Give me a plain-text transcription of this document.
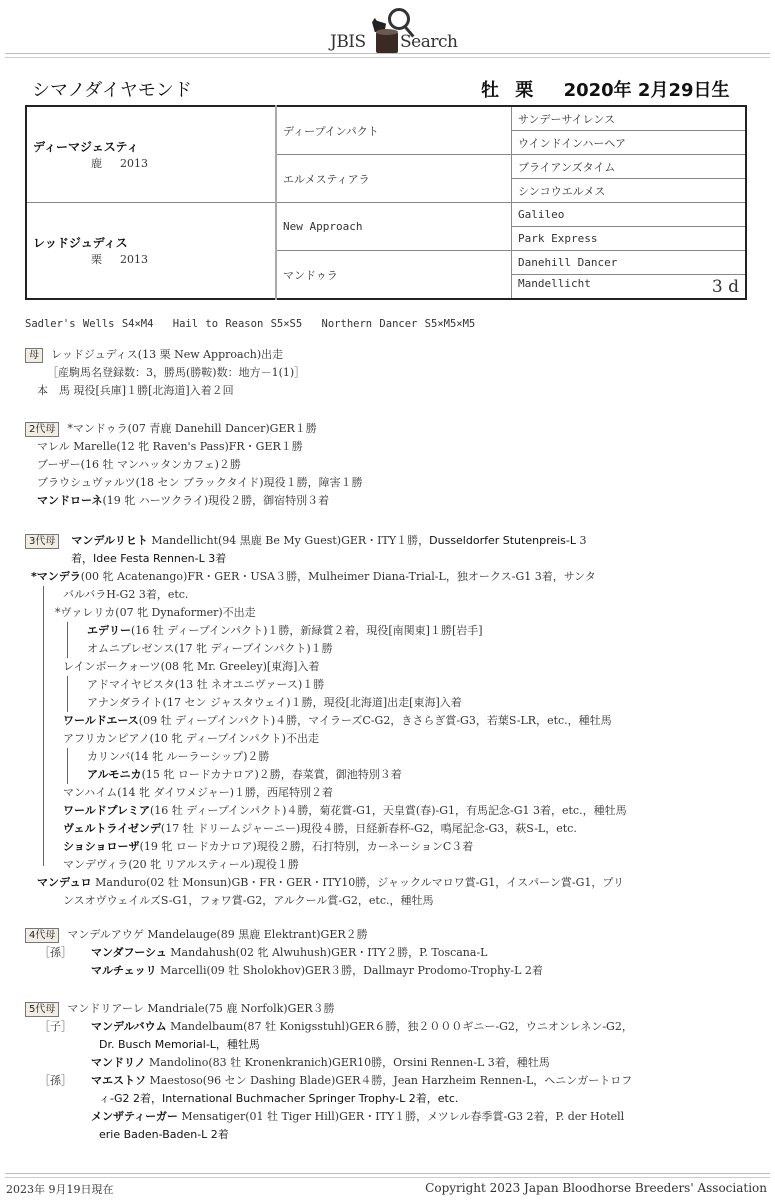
JBIS Search
シマノダイヤモンド	牡 栗 2020年 2月29日生
ディーマジェスティ
鹿 2013	ディープインパクト	サンデーサイレンス
		ウインドインハーヘア
	エルメスティアラ	ブライアンズタイム
		シンコウエルメス

レッドジュディス
栗 2013	New Approach	Galileo
		Park Express
	マンドゥラ	Danehill Dancer
		Mandellicht 3 d
Sadler's Wells S4×M4 Hail to Reason S5×S5 Northern Dancer S5×M5×M5
母 レッドジュディス(13 栗 New Approach)出走
［産駒馬名登録数：3，勝馬(勝鞍)数：地方－1(1)］
本　馬 現役[兵庫]１勝[北海道]入着２回
2代母 *マンドゥラ(07 青鹿 Danehill Dancer)GER１勝
マレル Marelle(12 牝 Raven's Pass)FR・GER１勝
ブーザー(16 牡 マンハッタンカフェ)２勝
ブラウシュヴァルツ(18 セン ブラックタイド)現役１勝，障害１勝
マンドローネ(19 牝 ハーツクライ)現役２勝，御宿特別３着
3代母 マンデルリヒト Mandellicht(94 黒鹿 Be My Guest)GER・ITY１勝，Dusseldorfer Stutenpreis-L 3
着，Idee Festa Rennen-L 3着
*マンデラ(00 牝 Acatenango)FR・GER・USA３勝，Mulheimer Diana-Trial-L，独オークス-G1 3着，サンタ
バルバラH-G2 3着，etc.
*ヴァレリカ(07 牝 Dynaformer)不出走
エデリー(16 牡 ディープインパクト)１勝，新緑賞２着，現役[南関東]１勝[岩手]
オムニプレゼンス(17 牝 ディープインパクト)１勝
レインボークォーツ(08 牝 Mr. Greeley)[東海]入着
アドマイヤビスタ(13 牡 ネオユニヴァース)１勝
アナンダライト(17 セン ジャスタウェイ)１勝，現役[北海道]出走[東海]入着
ワールドエース(09 牡 ディープインパクト)４勝，マイラーズC-G2，きさらぎ賞-G3，若葉S-LR，etc.，種牡馬
アフリカンピアノ(10 牝 ディープインパクト)不出走
カリンバ(14 牝 ルーラーシップ)２勝
アルモニカ(15 牝 ロードカナロア)２勝，春菜賞，御池特別３着
マンハイム(14 牝 ダイワメジャー)１勝，西尾特別２着
ワールドプレミア(16 牡 ディープインパクト)４勝，菊花賞-G1，天皇賞(春)-G1，有馬記念-G1 3着，etc.，種牡馬
ヴェルトライゼンデ(17 牡 ドリームジャーニー)現役４勝，日経新春杯-G2，鳴尾記念-G3，萩S-L，etc.
ショショローザ(19 牝 ロードカナロア)現役２勝，石打特別，カーネーションC３着
マンデヴィラ(20 牝 リアルスティール)現役１勝
マンデュロ Manduro(02 牡 Monsun)GB・FR・GER・ITY10勝，ジャックルマロワ賞-G1，イスパーン賞-G1，プリ
ンスオヴウェイルズS-G1，フォワ賞-G2，アルクール賞-G2，etc.，種牡馬
4代母 マンデルアウゲ Mandelauge(89 黒鹿 Elektrant)GER２勝
［孫］ マンダフーシュ Mandahush(02 牝 Alwuhush)GER・ITY２勝，P. Toscana-L
マルチェッリ Marcelli(09 牡 Sholokhov)GER３勝，Dallmayr Prodomo-Trophy-L 2着
5代母 マンドリアーレ Mandriale(75 鹿 Norfolk)GER３勝
［子］ マンデルバウム Mandelbaum(87 牡 Konigsstuhl)GER６勝，独２０００ギニー-G2，ウニオンレネン-G2，
Dr. Busch Memorial-L，種牡馬
マンドリノ Mandolino(83 牡 Kronenkranich)GER10勝，Orsini Rennen-L 3着，種牡馬
［孫］ マエストソ Maestoso(96 セン Dashing Blade)GER４勝，Jean Harzheim Rennen-L，ヘニンガートロフ
ィ-G2 2着，International Buchmacher Springer Trophy-L 2着，etc.
メンザティーガー Mensatiger(01 牡 Tiger Hill)GER・ITY１勝，メツレル春季賞-G3 2着，P. der Hotell
erie Baden-Baden-L 2着
2023年 9月19日現在	Copyright 2023 Japan Bloodhorse Breeders' Association
